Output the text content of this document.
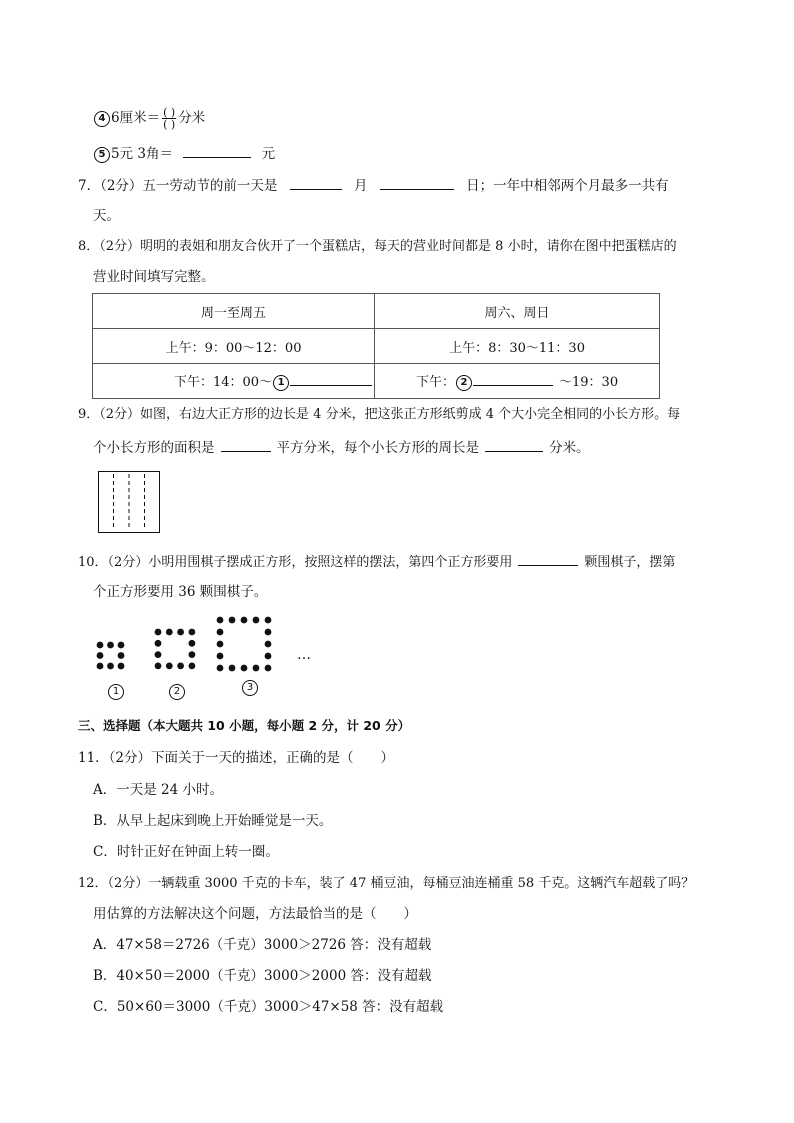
4 6厘米＝ $\frac{( )}{( )}$ 分米
5 5元 3角＝	元
7．（2分）五一劳动节的前一天是	月	日；一年中相邻两个月最多一共有
天。
8．（2分）明明的表姐和朋友合伙开了一个蛋糕店，每天的营业时间都是 8 小时，请你在图中把蛋糕店的
营业时间填写完整。
周一至周五	周六、周日
上午：9：00～12：00	上午：8：30～11：30
下午：14：00～ 1	下午： 2 ～19：30
9．（2分）如图，右边大正方形的边长是 4 分米，把这张正方形纸剪成 4 个大小完全相同的小长方形。每
个小长方形的面积是	平方分米，每个小长方形的周长是	分米。
10．（2分）小明用围棋子摆成正方形，按照这样的摆法，第四个正方形要用	颗围棋子，摆第
个正方形要用 36 颗围棋子。
…
1	2	3
三、选择题（本大题共 10 小题，每小题 2 分，计 20 分）
11．（2分）下面关于一天的描述，正确的是（　　）
A．一天是 24 小时。
B．从早上起床到晚上开始睡觉是一天。
C．时针正好在钟面上转一圈。
12．（2分）一辆载重 3000 千克的卡车，装了 47 桶豆油，每桶豆油连桶重 58 千克。这辆汽车超载了吗？
用估算的方法解决这个问题，方法最恰当的是（　　）
A．47×58＝2726（千克）3000＞2726 答：没有超载
B．40×50＝2000（千克）3000＞2000 答：没有超载
C．50×60＝3000（千克）3000＞47×58 答：没有超载
